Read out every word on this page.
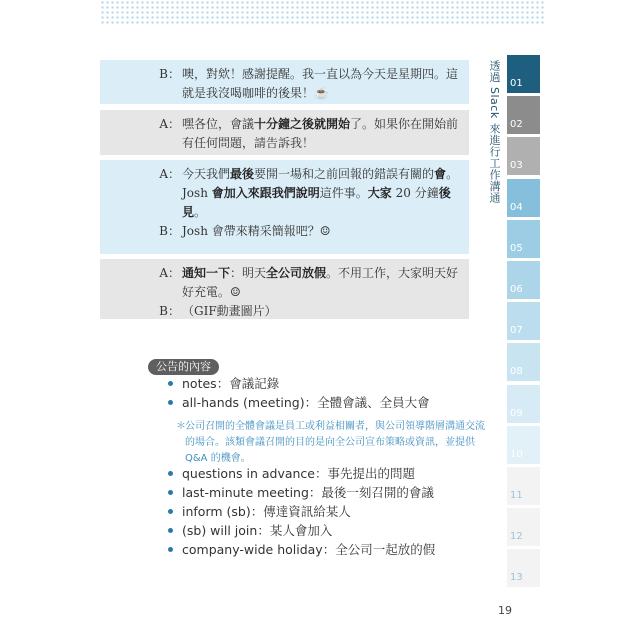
B： 噢，對欸！感謝提醒。我一直以為今天是星期四。這就是我沒喝咖啡的後果！☕
A： 嘿各位，會議十分鐘之後就開始了。如果你在開始前有任何問題，請告訴我！
A： 今天我們最後要開一場和之前回報的錯誤有關的會。Josh 會加入來跟我們說明這件事。大家 20 分鐘後見。
B： Josh 會帶來精采簡報吧？☺
A： 通知一下：明天全公司放假。不用工作，大家明天好好充電。☺
B： （GIF動畫圖片）
公告的內容
notes：會議記錄
all-hands (meeting)：全體會議、全員大會
＊ 公司召開的全體會議是員工或利益相關者，與公司領導階層溝通交流的場合。該類會議召開的目的是向全公司宣布策略或資訊，並提供 Q&A 的機會。
questions in advance：事先提出的問題
last-minute meeting：最後一刻召開的會議
inform (sb)：傳達資訊給某人
(sb) will join：某人會加入
company-wide holiday：全公司一起放的假
透過 Slack 來進行工作溝通 01
02
03
04
05
06
07
08
09
10
11
12
13
19
